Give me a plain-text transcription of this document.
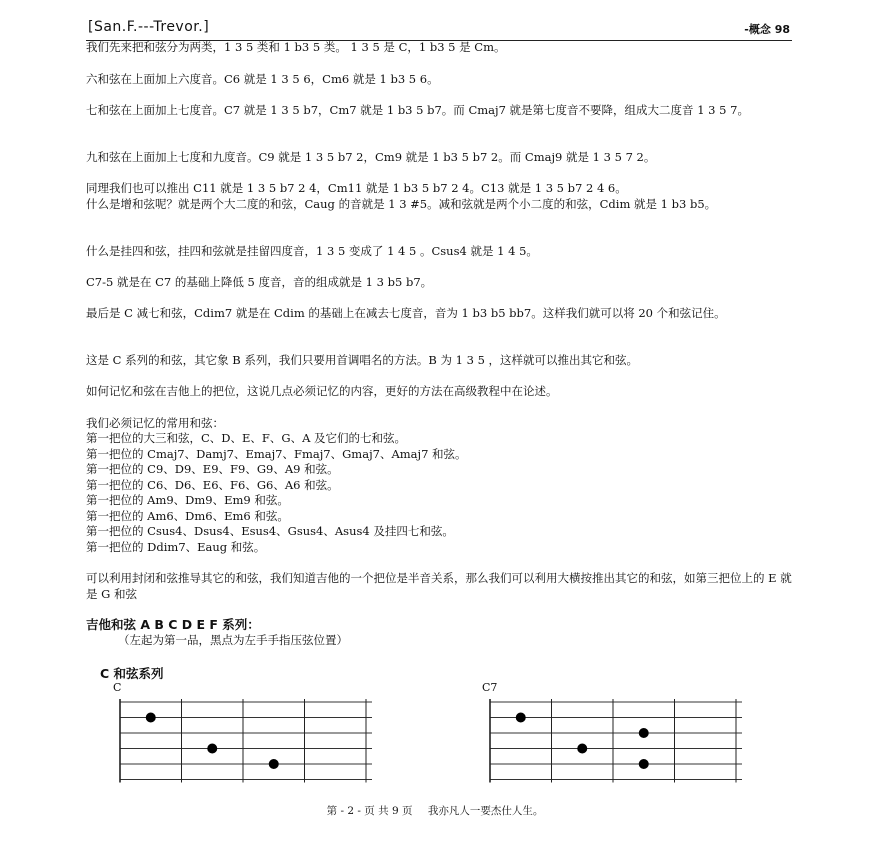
[San.F.---Trevor.]	-概念 98
我们先来把和弦分为两类，1 3 5 类和 1 b3 5 类。 1 3 5 是 C，1 b3 5 是 Cm。
六和弦在上面加上六度音。C6 就是 1 3 5 6，Cm6 就是 1 b3 5 6。
七和弦在上面加上七度音。C7 就是 1 3 5 b7，Cm7 就是 1 b3 5 b7。而 Cmaj7 就是第七度音不要降，组成大二度音 1 3 5 7。
九和弦在上面加上七度和九度音。C9 就是 1 3 5 b7 2，Cm9 就是 1 b3 5 b7 2。而 Cmaj9 就是 1 3 5 7 2。
同理我们也可以推出 C11 就是 1 3 5 b7 2 4，Cm11 就是 1 b3 5 b7 2 4。C13 就是 1 3 5 b7 2 4 6。
什么是增和弦呢？就是两个大二度的和弦，Caug 的音就是 1 3 #5。减和弦就是两个小二度的和弦，Cdim 就是 1 b3 b5。
什么是挂四和弦，挂四和弦就是挂留四度音，1 3 5 变成了 1 4 5 。Csus4 就是 1 4 5。
C7-5 就是在 C7 的基础上降低 5 度音，音的组成就是 1 3 b5 b7。
最后是 C 减七和弦，Cdim7 就是在 Cdim 的基础上在减去七度音，音为 1 b3 b5 bb7。这样我们就可以将 20 个和弦记住。
这是 C 系列的和弦，其它象 B 系列，我们只要用首调唱名的方法。B 为 1 3 5 ，这样就可以推出其它和弦。
如何记忆和弦在吉他上的把位，这说几点必须记忆的内容，更好的方法在高级教程中在论述。
我们必须记忆的常用和弦：
第一把位的大三和弦，C、D、E、F、G、A 及它们的七和弦。
第一把位的 Cmaj7、Damj7、Emaj7、Fmaj7、Gmaj7、Amaj7 和弦。
第一把位的 C9、D9、E9、F9、G9、A9 和弦。
第一把位的 C6、D6、E6、F6、G6、A6 和弦。
第一把位的 Am9、Dm9、Em9 和弦。
第一把位的 Am6、Dm6、Em6 和弦。
第一把位的 Csus4、Dsus4、Esus4、Gsus4、Asus4 及挂四七和弦。
第一把位的 Ddim7、Eaug 和弦。
可以利用封闭和弦推导其它的和弦，我们知道吉他的一个把位是半音关系，那么我们可以利用大横按推出其它的和弦，如第三把位上的 E 就是 G 和弦
吉他和弦 A B C D E F 系列：
（左起为第一品，黑点为左手手指压弦位置）
C 和弦系列
C	C7
第 - 2 - 页 共 9 页 我亦凡人一要杰仕人生。
